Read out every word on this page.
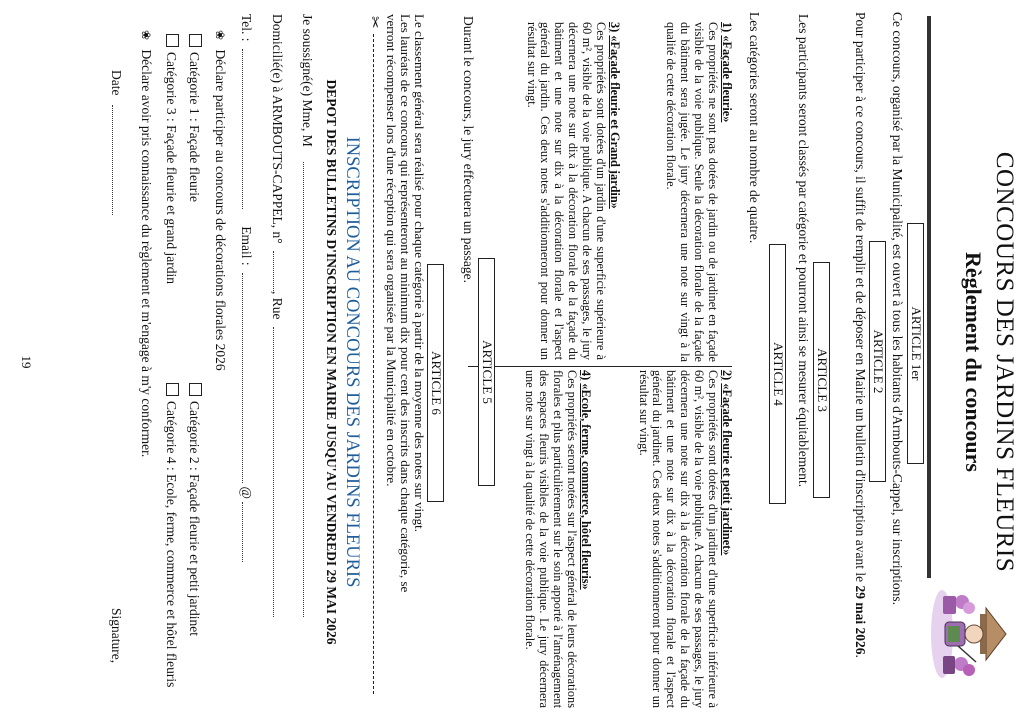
CONCOURS DES JARDINS FLEURIS
Règlement du concours
ARTICLE 1er
Ce concours, organisé par la Municipalité, est ouvert à tous les habitants d'Armbouts-Cappel, sur inscriptions.
ARTICLE 2
Pour participer à ce concours, il suffit de remplir et de déposer en Mairie un bulletin d'inscription avant le 29 mai 2026.
ARTICLE 3
Les participants seront classés par catégorie et pourront ainsi se mesurer équitablement.
ARTICLE 4
Les catégories seront au nombre de quatre.
1) «Façade fleurie»
Ces propriétés ne sont pas dotées de jardin ou de jardinet en façade visible de la voie publique. Seule la décoration florale de la façade du bâtiment sera jugée. Le jury décernera une note sur vingt à la qualité de cette décoration florale.
2) «Façade fleurie et petit jardinet»
Ces propriétés sont dotées d'un jardinet d'une superficie inférieure à 60 m², visible de la voie publique. A chacun de ses passages, le jury décernera une note sur dix à la décoration florale de la façade du bâtiment et une note sur dix à la décoration florale et l'aspect général du jardinet. Ces deux notes s'additionneront pour donner un résultat sur vingt.
3) «Façade fleurie et Grand jardin»
Ces propriétés sont dotées d'un jardin d'une superficie supérieure à 60 m², visible de la voie publique. A chacun de ses passages, le jury décernera une note sur dix à la décoration florale de la façade du bâtiment et une note sur dix à la décoration florale et l'aspect général du jardin. Ces deux notes s'additionneront pour donner un résultat sur vingt.
4) «Ecole, ferme, commerce, hôtel fleuris»
Ces propriétés seront notées sur l'aspect général de leurs décorations florales et plus particulièrement sur le soin apporté à l'aménagement des espaces fleuris visibles de la voie publique. Le jury décernera une note sur vingt à la qualité de cette décoration florale.
ARTICLE 5
Durant le concours, le jury effectuera un passage.
ARTICLE 6
Le classement général sera réalisé pour chaque catégorie à partir de la moyenne des notes sur vingt.
Les lauréats de ce concours qui représenteront au minimum dix pour cent des inscrits dans chaque catégorie, se
verront récompenser lors d'une réception qui sera organisée par la Municipalité en octobre.
✂
INSCRIPTION AU CONCOURS DES JARDINS FLEURIS
DEPOT DES BULLETINS D'INSCRIPTION EN MAIRIE JUSQU'AU VENDREDI 29 MAI 2026
Je soussigné(e) Mme, M
Domicilié(e) à ARMBOUTS-CAPPEL, n° , Rue
Tel. :  Email :  @
❀ Déclare participer au concours de décorations florales 2026
Catégorie 1 : Façade fleurie
Catégorie 2 : Façade fleurie et petit jardinet
Catégorie 3 : Façade fleurie et grand jardin
Catégorie 4 : Ecole, ferme, commerce et hôtel fleuris
❀ Déclare avoir pris connaissance du règlement et m'engage à m'y conformer.
Date
Signature,
19
